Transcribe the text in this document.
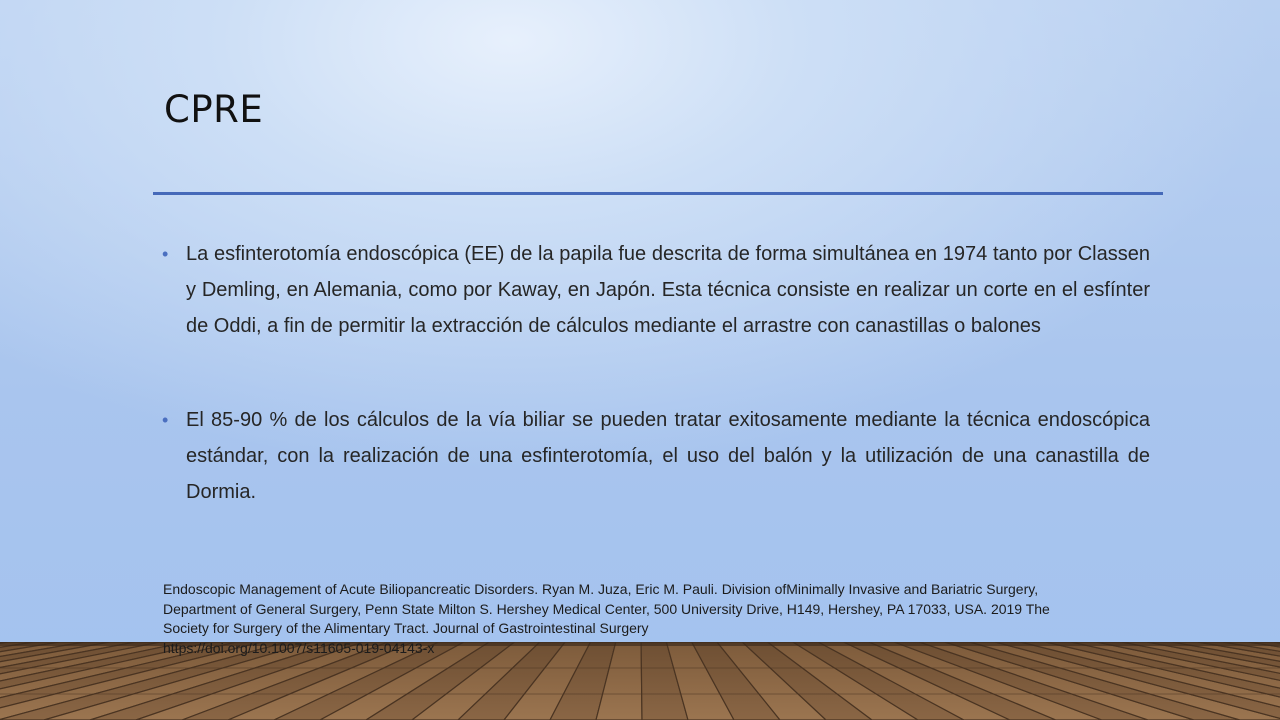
CPRE
• La esfinterotomía endoscópica (EE) de la papila fue descrita de forma simultánea en 1974 tanto por Classen y Demling, en Alemania, como por Kaway, en Japón. Esta técnica consiste en realizar un corte en el esfínter de Oddi, a fin de permitir la extracción de cálculos mediante el arrastre con canastillas o balones
• El 85-90 % de los cálculos de la vía biliar se pueden tratar exitosamente mediante la técnica endoscópica estándar, con la realización de una esfinterotomía, el uso del balón y la utilización de una canastilla de Dormia.

Endoscopic Management of Acute Biliopancreatic Disorders. Ryan M. Juza, Eric M. Pauli. Division ofMinimally Invasive and Bariatric Surgery, Department of General Surgery, Penn State Milton S. Hershey Medical Center, 500 University Drive, H149, Hershey, PA 17033, USA. 2019 The Society for Surgery of the Alimentary Tract. Journal of Gastrointestinal Surgery
https://doi.org/10.1007/s11605-019-04143-x
